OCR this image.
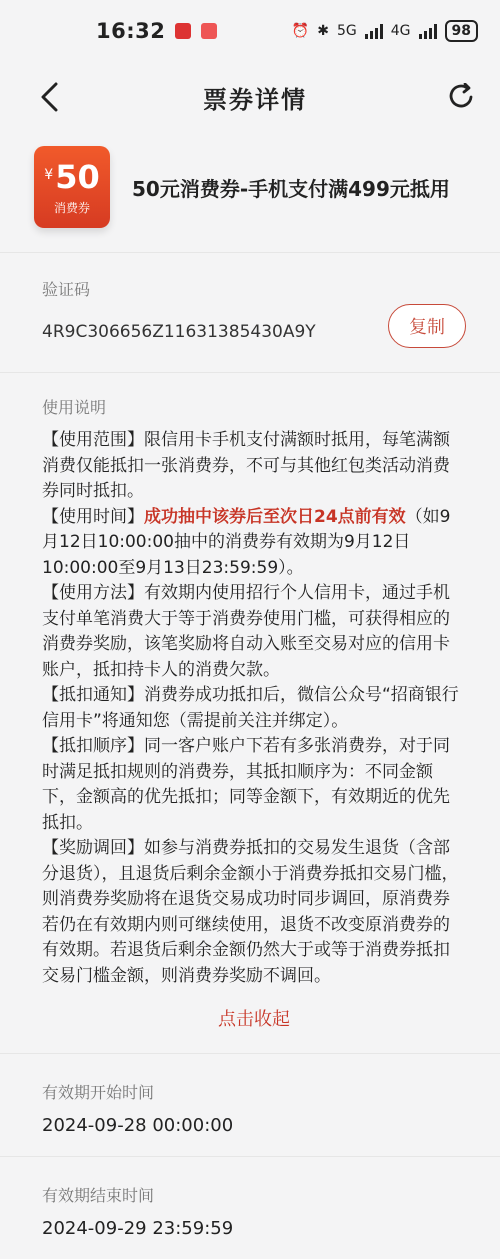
16:32	⏰ ✱ 5G 4G	98
票券详情
¥ 50
消费券
50元消费券-手机支付满499元抵用
验证码
4R9C306656Z11631385430A9Y	复制
使用说明

【使用范围】限信用卡手机支付满额时抵用，每笔满额消费仅能抵扣一张消费券，不可与其他红包类活动消费券同时抵扣。

【使用时间】成功抽中该券后至次日24点前有效（如9月12日10:00:00抽中的消费券有效期为9月12日10:00:00至9月13日23:59:59）。

【使用方法】有效期内使用招行个人信用卡，通过手机支付单笔消费大于等于消费券使用门槛，可获得相应的消费券奖励，该笔奖励将自动入账至交易对应的信用卡账户，抵扣持卡人的消费欠款。

【抵扣通知】消费券成功抵扣后，微信公众号“招商银行信用卡”将通知您（需提前关注并绑定）。

【抵扣顺序】同一客户账户下若有多张消费券，对于同时满足抵扣规则的消费券，其抵扣顺序为：不同金额下，金额高的优先抵扣；同等金额下，有效期近的优先抵扣。

【奖励调回】如参与消费券抵扣的交易发生退货（含部分退货），且退货后剩余金额小于消费券抵扣交易门槛，则消费券奖励将在退货交易成功时同步调回，原消费券若仍在有效期内则可继续使用，退货不改变原消费券的有效期。若退货后剩余金额仍然大于或等于消费券抵扣交易门槛金额，则消费券奖励不调回。

点击收起
有效期开始时间
2024-09-28 00:00:00
有效期结束时间
2024-09-29 23:59:59
